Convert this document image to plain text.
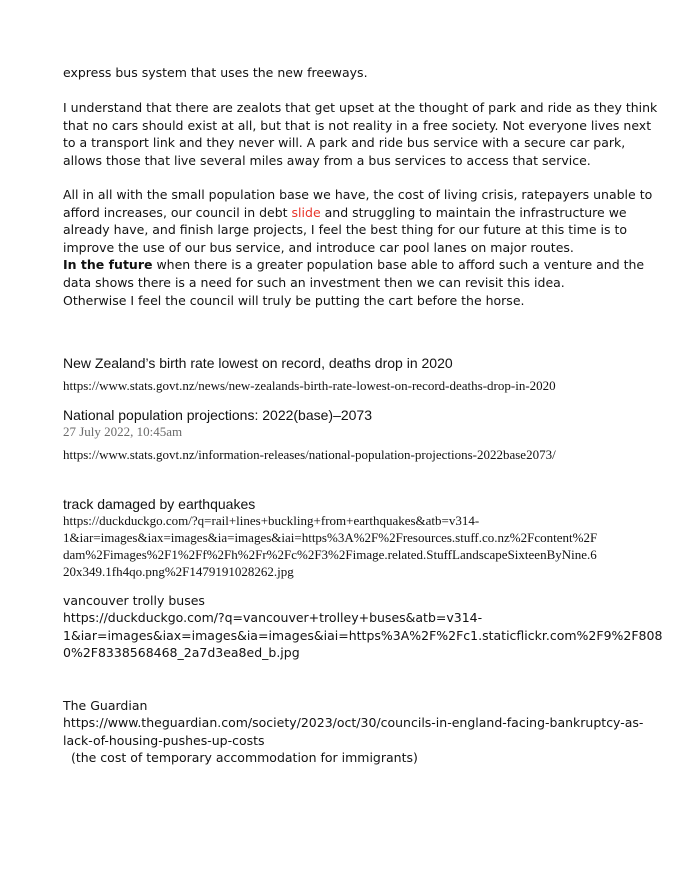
express bus system that uses the new freeways.
I understand that there are zealots that get upset at the thought of park and ride as they think
that no cars should exist at all, but that is not reality in a free society. Not everyone lives next
to a transport link and they never will. A park and ride bus service with a secure car park,
allows those that live several miles away from a bus services to access that service.
All in all with the small population base we have, the cost of living crisis, ratepayers unable to
afford increases, our council in debt slide and struggling to maintain the infrastructure we
already have, and finish large projects, I feel the best thing for our future at this time is to
improve the use of our bus service, and introduce car pool lanes on major routes.
In the future when there is a greater population base able to afford such a venture and the
data shows there is a need for such an investment then we can revisit this idea.
Otherwise I feel the council will truly be putting the cart before the horse.
New Zealand’s birth rate lowest on record, deaths drop in 2020
https://www.stats.govt.nz/news/new-zealands-birth-rate-lowest-on-record-deaths-drop-in-2020
National population projections: 2022(base)–2073
27 July 2022, 10:45am
https://www.stats.govt.nz/information-releases/national-population-projections-2022base2073/
track damaged by earthquakes
https://duckduckgo.com/?q=rail+lines+buckling+from+earthquakes&atb=v314-
1&iar=images&iax=images&ia=images&iai=https%3A%2F%2Fresources.stuff.co.nz%2Fcontent%2F
dam%2Fimages%2F1%2Ff%2Fh%2Fr%2Fc%2F3%2Fimage.related.StuffLandscapeSixteenByNine.6
20x349.1fh4qo.png%2F1479191028262.jpg
vancouver trolly buses
https://duckduckgo.com/?q=vancouver+trolley+buses&atb=v314-
1&iar=images&iax=images&ia=images&iai=https%3A%2F%2Fc1.staticflickr.com%2F9%2F808
0%2F8338568468_2a7d3ea8ed_b.jpg
The Guardian
https://www.theguardian.com/society/2023/oct/30/councils-in-england-facing-bankruptcy-as-
lack-of-housing-pushes-up-costs
(the cost of temporary accommodation for immigrants)
